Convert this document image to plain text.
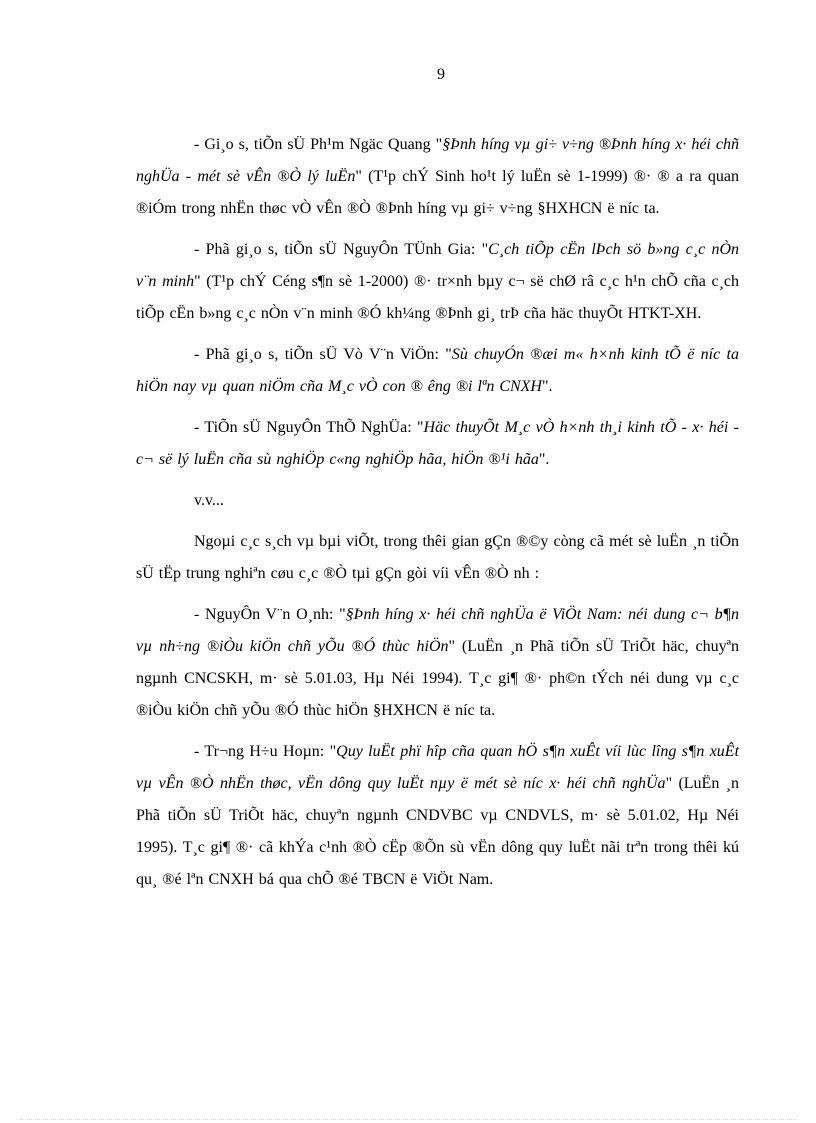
9

- Gi¸o s, tiÕn sÜ Ph¹m Ngäc Quang "§Þnh híng vµ gi÷ v÷ng ®Þnh híng x· héi chñ nghÜa - mét sè vÊn ®Ò lý luËn" (T¹p chÝ Sinh ho¹t lý luËn sè 1-1999) ®· ® a ra quan ®iÓm trong nhËn thøc vÒ vÊn ®Ò ®Þnh híng vµ gi÷ v÷ng §HXHCN ë níc ta.

- Phã gi¸o s, tiÕn sÜ NguyÔn TÜnh Gia: "C¸ch tiÕp cËn lÞch sö b»ng c¸c nÒn v¨n minh" (T¹p chÝ Céng s¶n sè 1-2000) ®· tr×nh bµy c¬ së chØ râ c¸c h¹n chÕ cña c¸ch tiÕp cËn b»ng c¸c nÒn v¨n minh ®Ó kh¼ng ®Þnh gi¸ trÞ cña häc thuyÕt HTKT-XH.

- Phã gi¸o s, tiÕn sÜ Vò V¨n ViÖn: "Sù chuyÓn ®æi m« h×nh kinh tÕ ë níc ta hiÖn nay vµ quan niÖm cña M¸c vÒ con ® êng ®i lªn CNXH".

- TiÕn sÜ NguyÔn ThÕ NghÜa: "Häc thuyÕt M¸c vÒ h×nh th¸i kinh tÕ - x· héi - c¬ së lý luËn cña sù nghiÖp c«ng nghiÖp hãa, hiÖn ®¹i hãa".

v.v...

Ngoµi c¸c s¸ch vµ bµi viÕt, trong thêi gian gÇn ®©y còng cã mét sè luËn ¸n tiÕn sÜ tËp trung nghiªn cøu c¸c ®Ò tµi gÇn gòi víi vÊn ®Ò nh :

- NguyÔn V¨n O¸nh: "§Þnh híng x· héi chñ nghÜa ë ViÖt Nam: néi dung c¬ b¶n vµ nh÷ng ®iÒu kiÖn chñ yÕu ®Ó thùc hiÖn" (LuËn ¸n Phã tiÕn sÜ TriÕt häc, chuyªn ngµnh CNCSKH, m· sè 5.01.03, Hµ Néi 1994). T¸c gi¶ ®· ph©n tÝch néi dung vµ c¸c ®iÒu kiÖn chñ yÕu ®Ó thùc hiÖn §HXHCN ë níc ta.

- Tr¬ng H÷u Hoµn: "Quy luËt phï hîp cña quan hÖ s¶n xuÊt víi lùc lîng s¶n xuÊt vµ vÊn ®Ò nhËn thøc, vËn dông quy luËt nµy ë mét sè níc x· héi chñ nghÜa" (LuËn ¸n Phã tiÕn sÜ TriÕt häc, chuyªn ngµnh CNDVBC vµ CNDVLS, m· sè 5.01.02, Hµ Néi 1995). T¸c gi¶ ®· cã khÝa c¹nh ®Ò cËp ®Õn sù vËn dông quy luËt nãi trªn trong thêi kú qu¸ ®é lªn CNXH bá qua chÕ ®é TBCN ë ViÖt Nam.
